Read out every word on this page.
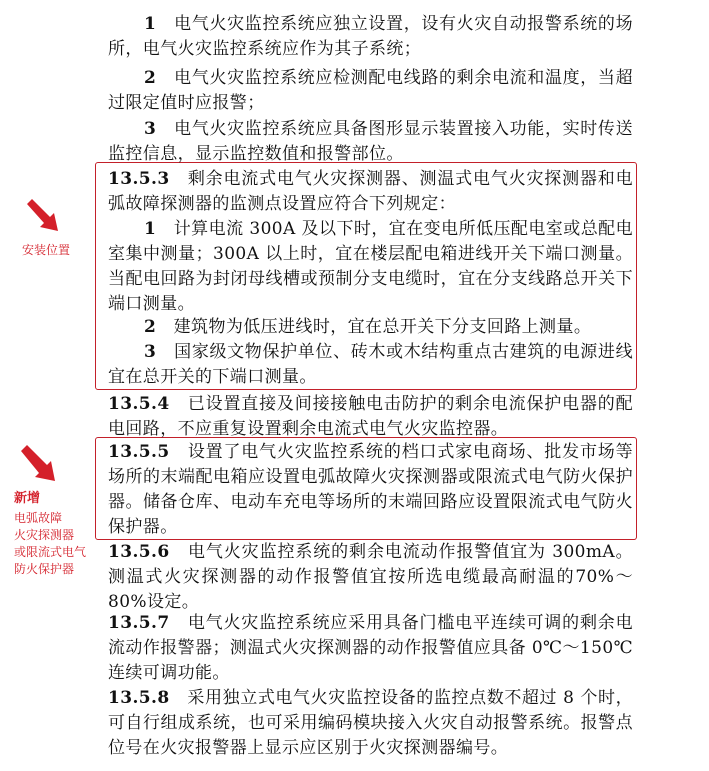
安装位置
新增
电弧故障
火灾探测器
或限流式电气
防火保护器
1　 电气火灾监控系统应独立设置，设有火灾自动报警系统的场所，电气火灾监控系统应作为其子系统；
2　 电气火灾监控系统应检测配电线路的剩余电流和温度，当超过限定值时应报警；
3　 电气火灾监控系统应具备图形显示装置接入功能，实时传送监控信息，显示监控数值和报警部位。
13.5.3　 剩余电流式电气火灾探测器、测温式电气火灾探测器和电弧故障探测器的监测点设置应符合下列规定：
1　 计算电流 300A 及以下时，宜在变电所低压配电室或总配电室集中测量；300A 以上时，宜在楼层配电箱进线开关下端口测量。当配电回路为封闭母线槽或预制分支电缆时，宜在分支线路总开关下端口测量。
2　 建筑物为低压进线时，宜在总开关下分支回路上测量。
3　 国家级文物保护单位、砖木或木结构重点古建筑的电源进线宜在总开关的下端口测量。
13.5.4　 已设置直接及间接接触电击防护的剩余电流保护电器的配电回路，不应重复设置剩余电流式电气火灾监控器。
13.5.5　 设置了电气火灾监控系统的档口式家电商场、批发市场等场所的末端配电箱应设置电弧故障火灾探测器或限流式电气防火保护器。储备仓库、电动车充电等场所的末端回路应设置限流式电气防火保护器。
13.5.6　 电气火灾监控系统的剩余电流动作报警值宜为 300mA。测温式火灾探测器的动作报警值宜按所选电缆最高耐温的70%～80%设定。
13.5.7　 电气火灾监控系统应采用具备门槛电平连续可调的剩余电流动作报警器；测温式火灾探测器的动作报警值应具备 0℃～150℃连续可调功能。
13.5.8　 采用独立式电气火灾监控设备的监控点数不超过 8 个时，可自行组成系统，也可采用编码模块接入火灾自动报警系统。报警点位号在火灾报警器上显示应区别于火灾探测器编号。
